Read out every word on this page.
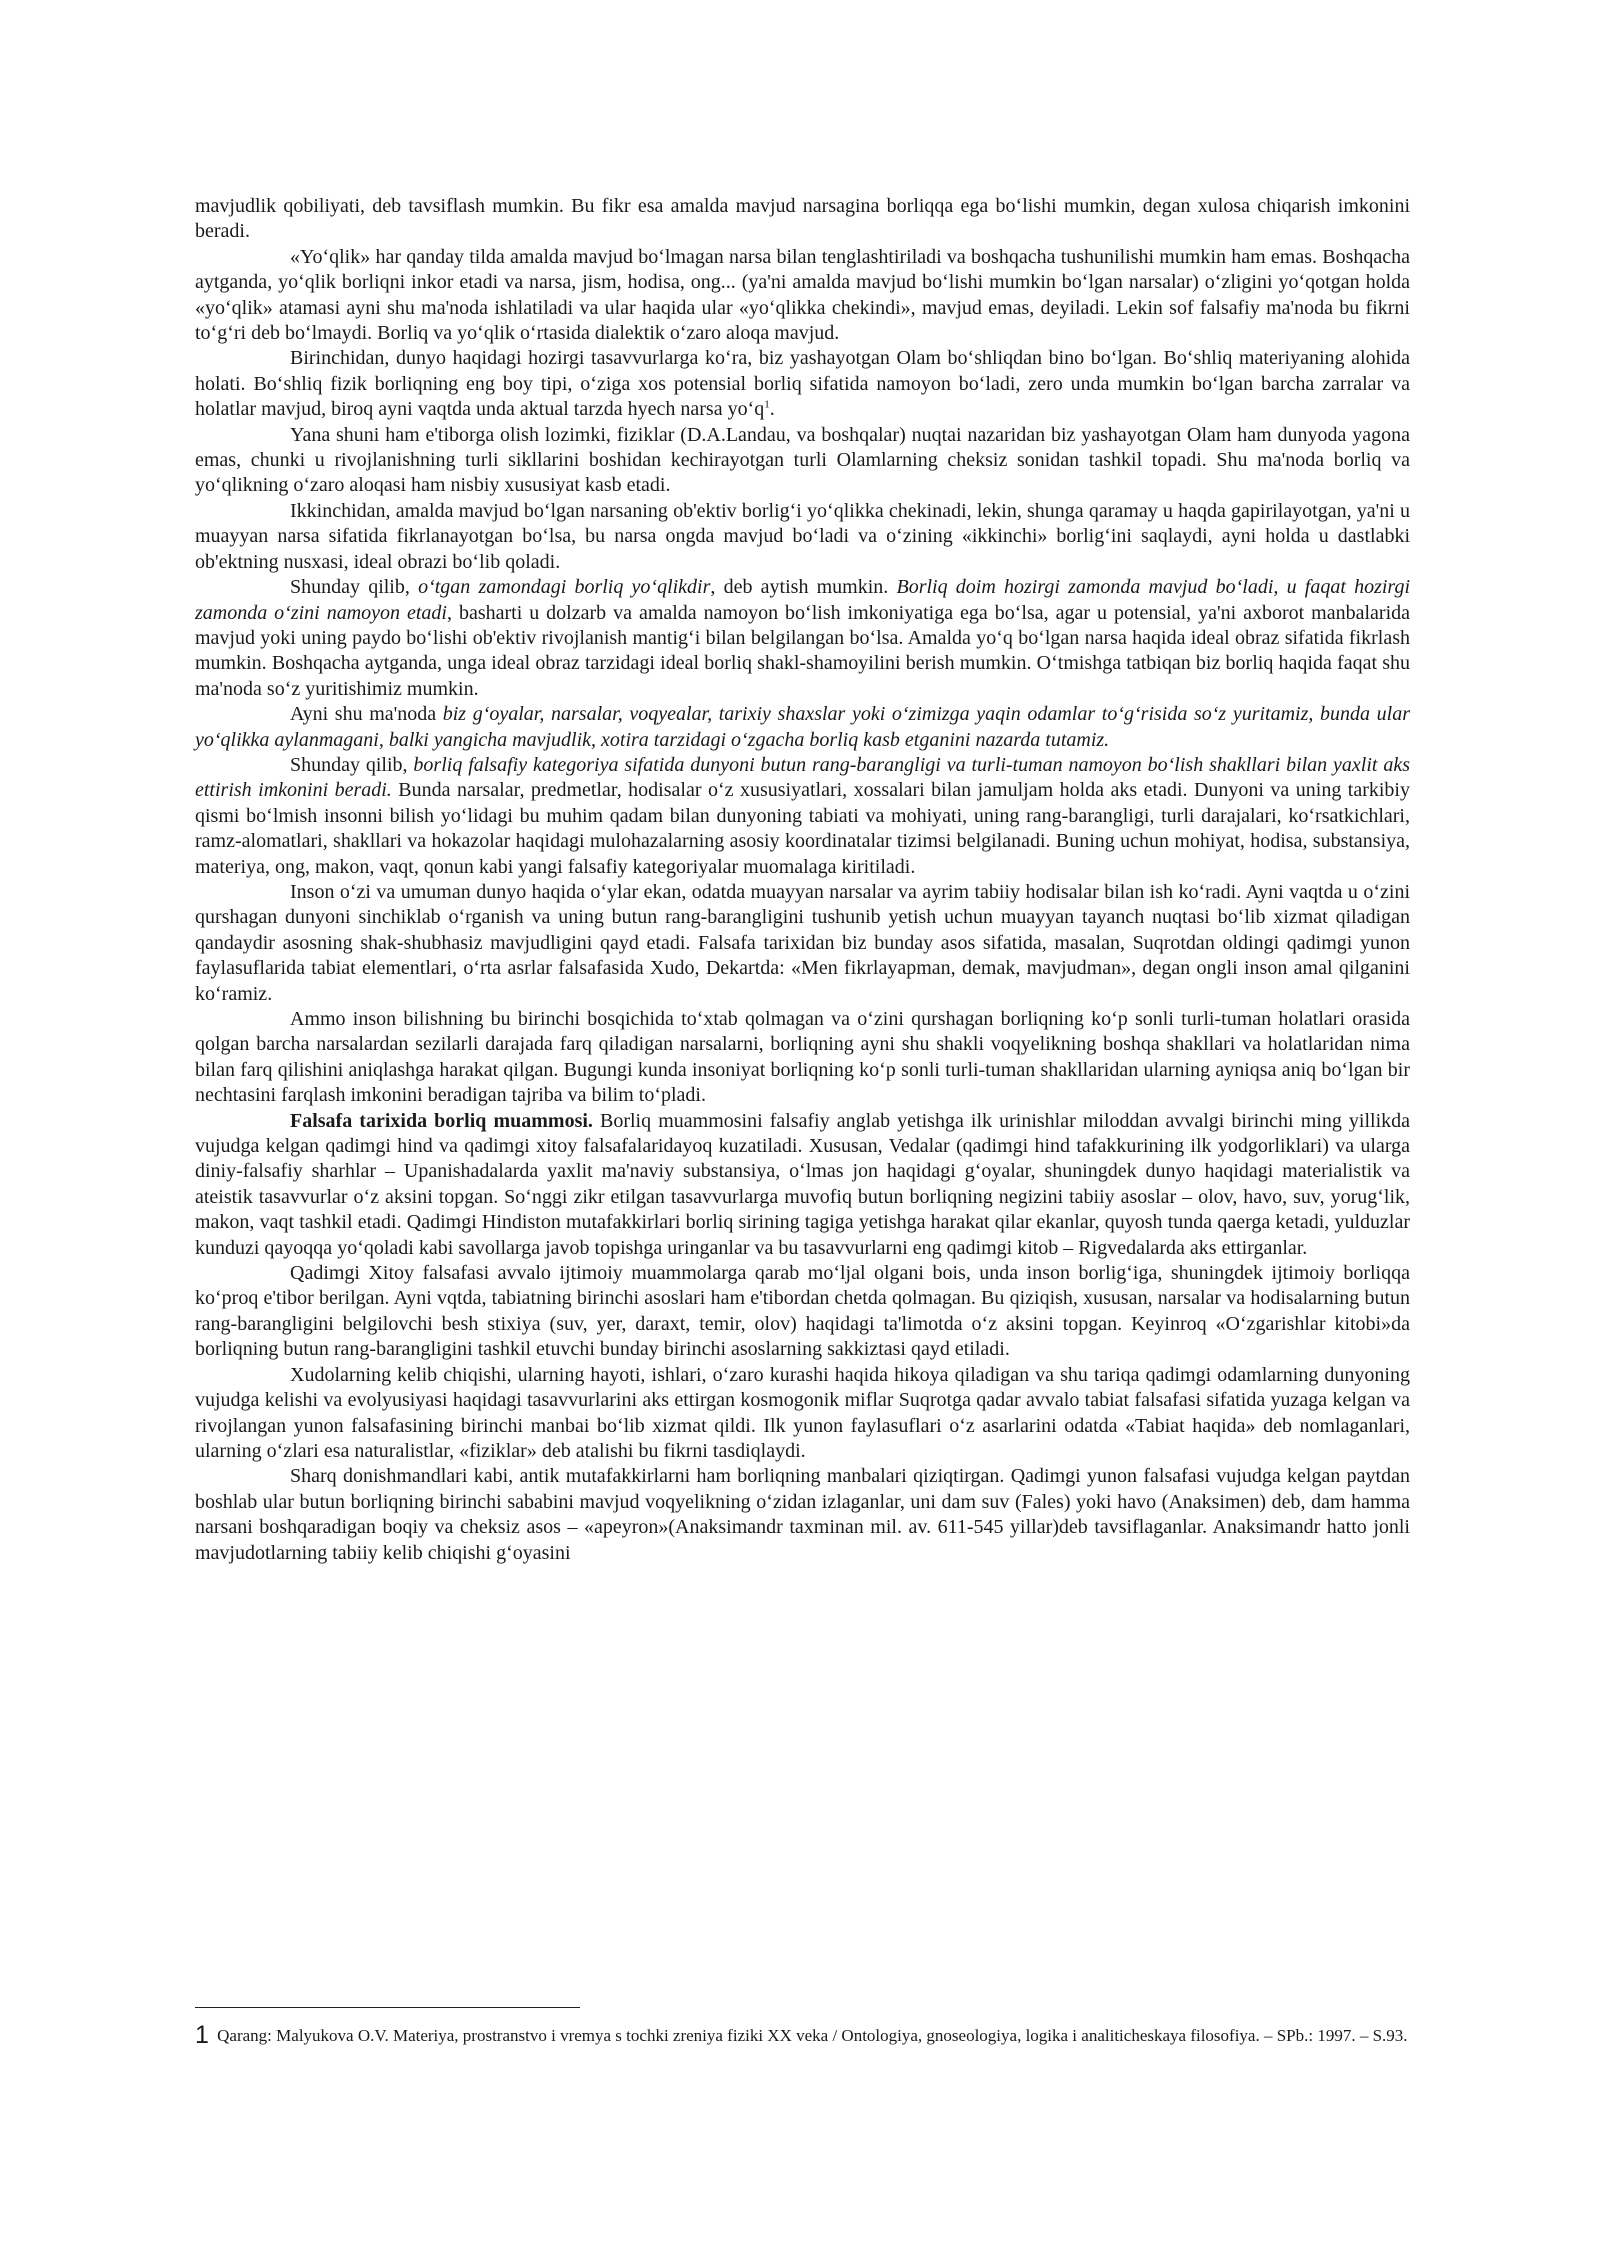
mavjudlik qobiliyati, deb tavsiflash mumkin. Bu fikr esa amalda mavjud narsagina borliqqa ega boʻlishi mumkin, degan xulosa chiqarish imkonini beradi.

«Yoʻqlik» har qanday tilda amalda mavjud boʻlmagan narsa bilan tenglashtiriladi va boshqacha tushunilishi mumkin ham emas. Boshqacha aytganda, yoʻqlik borliqni inkor etadi va narsa, jism, hodisa, ong... (ya'ni amalda mavjud boʻlishi mumkin boʻlgan narsalar) oʻzligini yoʻqotgan holda «yoʻqlik» atamasi ayni shu ma'noda ishlatiladi va ular haqida ular «yoʻqlikka chekindi», mavjud emas, deyiladi. Lekin sof falsafiy ma'noda bu fikrni toʻgʻri deb boʻlmaydi. Borliq va yoʻqlik oʻrtasida dialektik oʻzaro aloqa mavjud.

Birinchidan, dunyo haqidagi hozirgi tasavvurlarga koʻra, biz yashayotgan Olam boʻshliqdan bino boʻlgan. Boʻshliq materiyaning alohida holati. Boʻshliq fizik borliqning eng boy tipi, oʻziga xos potensial borliq sifatida namoyon boʻladi, zero unda mumkin boʻlgan barcha zarralar va holatlar mavjud, biroq ayni vaqtda unda aktual tarzda hyech narsa yoʻq$^1$.

Yana shuni ham e'tiborga olish lozimki, fiziklar (D.A.Landau, va boshqalar) nuqtai nazaridan biz yashayotgan Olam ham dunyoda yagona emas, chunki u rivojlanishning turli sikllarini boshidan kechirayotgan turli Olamlarning cheksiz sonidan tashkil topadi. Shu ma'noda borliq va yoʻqlikning oʻzaro aloqasi ham nisbiy xususiyat kasb etadi.

Ikkinchidan, amalda mavjud boʻlgan narsaning ob'ektiv borligʻi yoʻqlikka chekinadi, lekin, shunga qaramay u haqda gapirilayotgan, ya'ni u muayyan narsa sifatida fikrlanayotgan boʻlsa, bu narsa ongda mavjud boʻladi va oʻzining «ikkinchi» borligʻini saqlaydi, ayni holda u dastlabki ob'ektning nusxasi, ideal obrazi boʻlib qoladi.

Shunday qilib, oʻtgan zamondagi borliq yoʻqlikdir, deb aytish mumkin. Borliq doim hozirgi zamonda mavjud boʻladi, u faqat hozirgi zamonda oʻzini namoyon etadi, basharti u dolzarb va amalda namoyon boʻlish imkoniyatiga ega boʻlsa, agar u potensial, ya'ni axborot manbalarida mavjud yoki uning paydo boʻlishi ob'ektiv rivojlanish mantigʻi bilan belgilangan boʻlsa. Amalda yoʻq boʻlgan narsa haqida ideal obraz sifatida fikrlash mumkin. Boshqacha aytganda, unga ideal obraz tarzidagi ideal borliq shakl-shamoyilini berish mumkin. Oʻtmishga tatbiqan biz borliq haqida faqat shu ma'noda soʻz yuritishimiz mumkin.

Ayni shu ma'noda biz gʻoyalar, narsalar, voqyealar, tarixiy shaxslar yoki oʻzimizga yaqin odamlar toʻgʻrisida soʻz yuritamiz, bunda ular yoʻqlikka aylanmagani, balki yangicha mavjudlik, xotira tarzidagi oʻzgacha borliq kasb etganini nazarda tutamiz.

Shunday qilib, borliq falsafiy kategoriya sifatida dunyoni butun rang-barangligi va turli-tuman namoyon boʻlish shakllari bilan yaxlit aks ettirish imkonini beradi. Bunda narsalar, predmetlar, hodisalar oʻz xususiyatlari, xossalari bilan jamuljam holda aks etadi. Dunyoni va uning tarkibiy qismi boʻlmish insonni bilish yoʻlidagi bu muhim qadam bilan dunyoning tabiati va mohiyati, uning rang-barangligi, turli darajalari, koʻrsatkichlari, ramz-alomatlari, shakllari va hokazolar haqidagi mulohazalarning asosiy koordinatalar tizimsi belgilanadi. Buning uchun mohiyat, hodisa, substansiya, materiya, ong, makon, vaqt, qonun kabi yangi falsafiy kategoriyalar muomalaga kiritiladi.

Inson oʻzi va umuman dunyo haqida oʻylar ekan, odatda muayyan narsalar va ayrim tabiiy hodisalar bilan ish koʻradi. Ayni vaqtda u oʻzini qurshagan dunyoni sinchiklab oʻrganish va uning butun rang-barangligini tushunib yetish uchun muayyan tayanch nuqtasi boʻlib xizmat qiladigan qandaydir asosning shak-shubhasiz mavjudligini qayd etadi. Falsafa tarixidan biz bunday asos sifatida, masalan, Suqrotdan oldingi qadimgi yunon faylasuflarida tabiat elementlari, oʻrta asrlar falsafasida Xudo, Dekartda: «Men fikrlayapman, demak, mavjudman», degan ongli inson amal qilganini koʻramiz.

Ammo inson bilishning bu birinchi bosqichida toʻxtab qolmagan va oʻzini qurshagan borliqning koʻp sonli turli-tuman holatlari orasida qolgan barcha narsalardan sezilarli darajada farq qiladigan narsalarni, borliqning ayni shu shakli voqyelikning boshqa shakllari va holatlaridan nima bilan farq qilishini aniqlashga harakat qilgan. Bugungi kunda insoniyat borliqning koʻp sonli turli-tuman shakllaridan ularning ayniqsa aniq boʻlgan bir nechtasini farqlash imkonini beradigan tajriba va bilim toʻpladi.

Falsafa tarixida borliq muammosi. Borliq muammosini falsafiy anglab yetishga ilk urinishlar miloddan avvalgi birinchi ming yillikda vujudga kelgan qadimgi hind va qadimgi xitoy falsafalaridayoq kuzatiladi. Xususan, Vedalar (qadimgi hind tafakkurining ilk yodgorliklari) va ularga diniy-falsafiy sharhlar – Upanishadalarda yaxlit ma'naviy substansiya, oʻlmas jon haqidagi gʻoyalar, shuningdek dunyo haqidagi materialistik va ateistik tasavvurlar oʻz aksini topgan. Soʻnggi zikr etilgan tasavvurlarga muvofiq butun borliqning negizini tabiiy asoslar – olov, havo, suv, yorugʻlik, makon, vaqt tashkil etadi. Qadimgi Hindiston mutafakkirlari borliq sirining tagiga yetishga harakat qilar ekanlar, quyosh tunda qaerga ketadi, yulduzlar kunduzi qayoqqa yoʻqoladi kabi savollarga javob topishga uringanlar va bu tasavvurlarni eng qadimgi kitob – Rigvedalarda aks ettirganlar.

Qadimgi Xitoy falsafasi avvalo ijtimoiy muammolarga qarab moʻljal olgani bois, unda inson borligʻiga, shuningdek ijtimoiy borliqqa koʻproq e'tibor berilgan. Ayni vqtda, tabiatning birinchi asoslari ham e'tibordan chetda qolmagan. Bu qiziqish, xususan, narsalar va hodisalarning butun rang-barangligini belgilovchi besh stixiya (suv, yer, daraxt, temir, olov) haqidagi ta'limotda oʻz aksini topgan. Keyinroq «Oʻzgarishlar kitobi»da borliqning butun rang-barangligini tashkil etuvchi bunday birinchi asoslarning sakkiztasi qayd etiladi.

Xudolarning kelib chiqishi, ularning hayoti, ishlari, oʻzaro kurashi haqida hikoya qiladigan va shu tariqa qadimgi odamlarning dunyoning vujudga kelishi va evolyusiyasi haqidagi tasavvurlarini aks ettirgan kosmogonik miflar Suqrotga qadar avvalo tabiat falsafasi sifatida yuzaga kelgan va rivojlangan yunon falsafasining birinchi manbai boʻlib xizmat qildi. Ilk yunon faylasuflari oʻz asarlarini odatda «Tabiat haqida» deb nomlaganlari, ularning oʻzlari esa naturalistlar, «fiziklar» deb atalishi bu fikrni tasdiqlaydi.

Sharq donishmandlari kabi, antik mutafakkirlarni ham borliqning manbalari qiziqtirgan. Qadimgi yunon falsafasi vujudga kelgan paytdan boshlab ular butun borliqning birinchi sababini mavjud voqyelikning oʻzidan izlaganlar, uni dam suv (Fales) yoki havo (Anaksimen) deb, dam hamma narsani boshqaradigan boqiy va cheksiz asos – «apeyron»(Anaksimandr taxminan mil. av. 611-545 yillar)deb tavsiflaganlar. Anaksimandr hatto jonli mavjudotlarning tabiiy kelib chiqishi gʻoyasini

1 Qarang: Malyukova O.V. Materiya, prostranstvo i vremya s tochki zreniya fiziki XX veka / Ontologiya, gnoseologiya, logika i analiticheskaya filosofiya. – SPb.: 1997. – S.93.
